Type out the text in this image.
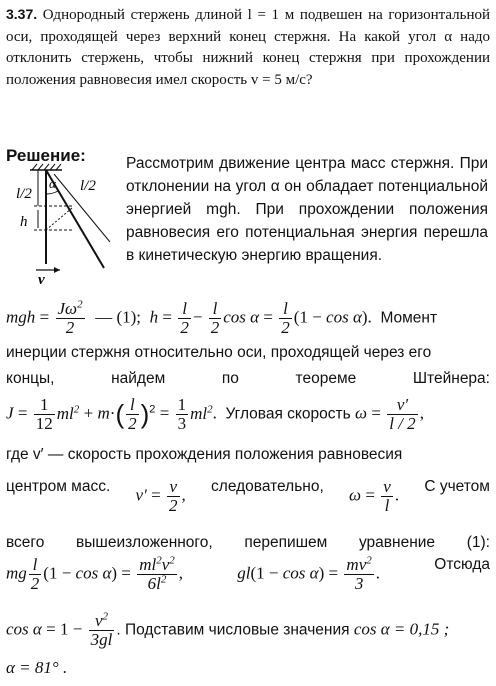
3.37. Однородный стержень длиной l = 1 м подвешен на горизонтальной оси, проходящей через верхний конец стержня. На какой угол α надо отклонить стержень, чтобы нижний конец стержня при прохождении положения равновесия имел скорость v = 5 м/с?
Решение:
l/2	l/2
α
h
v
Рассмотрим движение центра масс стержня. При отклонении на угол α он обладает потенциальной энергией mgh. При прохождении положения равновесия его потенциальная энергия перешла в кинетическую энергию вращения.
mgh = $\frac{J\omega^2}{2}$ — (1); $h = \frac{l}{2} - \frac{l}{2}$ $\cos \alpha = \frac{l}{2} (1 - \cos \alpha)$. Момент
инерции стержня относительно оси, проходящей через его
концы,	найдем	по	теореме	Штейнера:
$J = \frac{1}{12} ml^2 + m\cdot( \frac{l}{2} )^2 = \frac{1}{3} ml^2$. Угловая скорость $\omega = \frac{v'}{l / 2}$ ,
где v′ — скорость прохождения положения равновесия
центром масс. $v' = \frac{v}{2}$ , следовательно, $\omega = \frac{v}{l}$ . С учетом
всего вышеизложенного, перепишем уравнение (1):
mg $\frac{l}{2} (1 - \cos \alpha) = \frac{ml^2v^2}{6l^2}$ ,	$gl(1 - \cos \alpha) = \frac{mv^2}{3}$ .	Отсюда
$\cos \alpha = 1 - \frac{v^2}{3gl}$ . Подставим числовые значения cos α = 0,15 ;
α = 81° .
